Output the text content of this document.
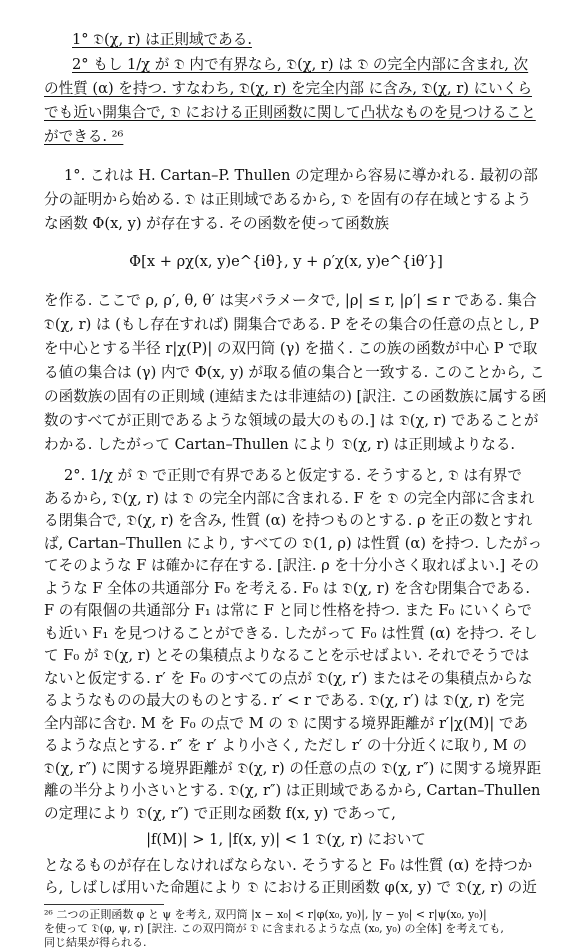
1° 𝔇(χ, r) は正則域である.
2° もし 1/χ が 𝔇 内で有界なら, 𝔇(χ, r) は 𝔇 の完全内部に含まれ, 次
の性質 (α) を持つ. すなわち, 𝔇(χ, r) を完全内部 に含み, 𝔇(χ, r) にいくら
でも近い開集合で, 𝔇 における正則函数に関して凸状なものを見つけること
ができる. ²⁶
1°. これは H. Cartan–P. Thullen の定理から容易に導かれる. 最初の部
分の証明から始める. 𝔇 は正則域であるから, 𝔇 を固有の存在域とするよう
な函数 Φ(x, y) が存在する. その函数を使って函数族
Φ[x + ρχ(x, y)e^{iθ}, y + ρ′χ(x, y)e^{iθ′}]
を作る. ここで ρ, ρ′, θ, θ′ は実パラメータで, |ρ| ≤ r, |ρ′| ≤ r である. 集合
𝔇(χ, r) は (もし存在すれば) 開集合である. P をその集合の任意の点とし, P
を中心とする半径 r|χ(P)| の双円筒 (γ) を描く. この族の函数が中心 P で取
る値の集合は (γ) 内で Φ(x, y) が取る値の集合と一致する. このことから, こ
の函数族の固有の正則域 (連結または非連結の) [訳注. この函数族に属する函
数のすべてが正則であるような領域の最大のもの.] は 𝔇(χ, r) であることが
わかる. したがって Cartan–Thullen により 𝔇(χ, r) は正則域よりなる.
2°. 1/χ が 𝔇 で正則で有界であると仮定する. そうすると, 𝔇 は有界で
あるから, 𝔇(χ, r) は 𝔇 の完全内部に含まれる. F を 𝔇 の完全内部に含まれ
る閉集合で, 𝔇(χ, r) を含み, 性質 (α) を持つものとする. ρ を正の数とすれ
ば, Cartan–Thullen により, すべての 𝔇(1, ρ) は性質 (α) を持つ. したがっ
てそのような F は確かに存在する. [訳注. ρ を十分小さく取ればよい.] その
ような F 全体の共通部分 F₀ を考える. F₀ は 𝔇(χ, r) を含む閉集合である.
F の有限個の共通部分 F₁ は常に F と同じ性格を持つ. また F₀ にいくらで
も近い F₁ を見つけることができる. したがって F₀ は性質 (α) を持つ. そし
て F₀ が 𝔇(χ, r) とその集積点よりなることを示せばよい. それでそうでは
ないと仮定する. r′ を F₀ のすべての点が 𝔇(χ, r′) またはその集積点からな
るようなものの最大のものとする. r′ < r である. 𝔇(χ, r′) は 𝔇(χ, r) を完
全内部に含む. M を F₀ の点で M の 𝔇 に関する境界距離が r′|χ(M)| であ
るような点とする. r″ を r′ より小さく, ただし r′ の十分近くに取り, M の
𝔇(χ, r″) に関する境界距離が 𝔇(χ, r) の任意の点の 𝔇(χ, r″) に関する境界距
離の半分より小さいとする. 𝔇(χ, r″) は正則域であるから, Cartan–Thullen
の定理により 𝔇(χ, r″) で正則な函数 f(x, y) であって,
²⁶ 二つの正則函数 φ と ψ を考え, 双円筒 |x − x₀| < r|φ(x₀, y₀)|, |y − y₀| < r|ψ(x₀, y₀)|
を使って 𝔇(φ, ψ, r) [訳注. この双円筒が 𝔇 に含まれるような点 (x₀, y₀) の全体] を考えても,
同じ結果が得られる.
|f(M)| > 1, |f(x, y)| < 1 𝔇(χ, r) において
となるものが存在しなければならない. そうすると F₀ は性質 (α) を持つか
ら, しばしば用いた命題により 𝔇 における正則函数 φ(x, y) で 𝔇(χ, r) の近
